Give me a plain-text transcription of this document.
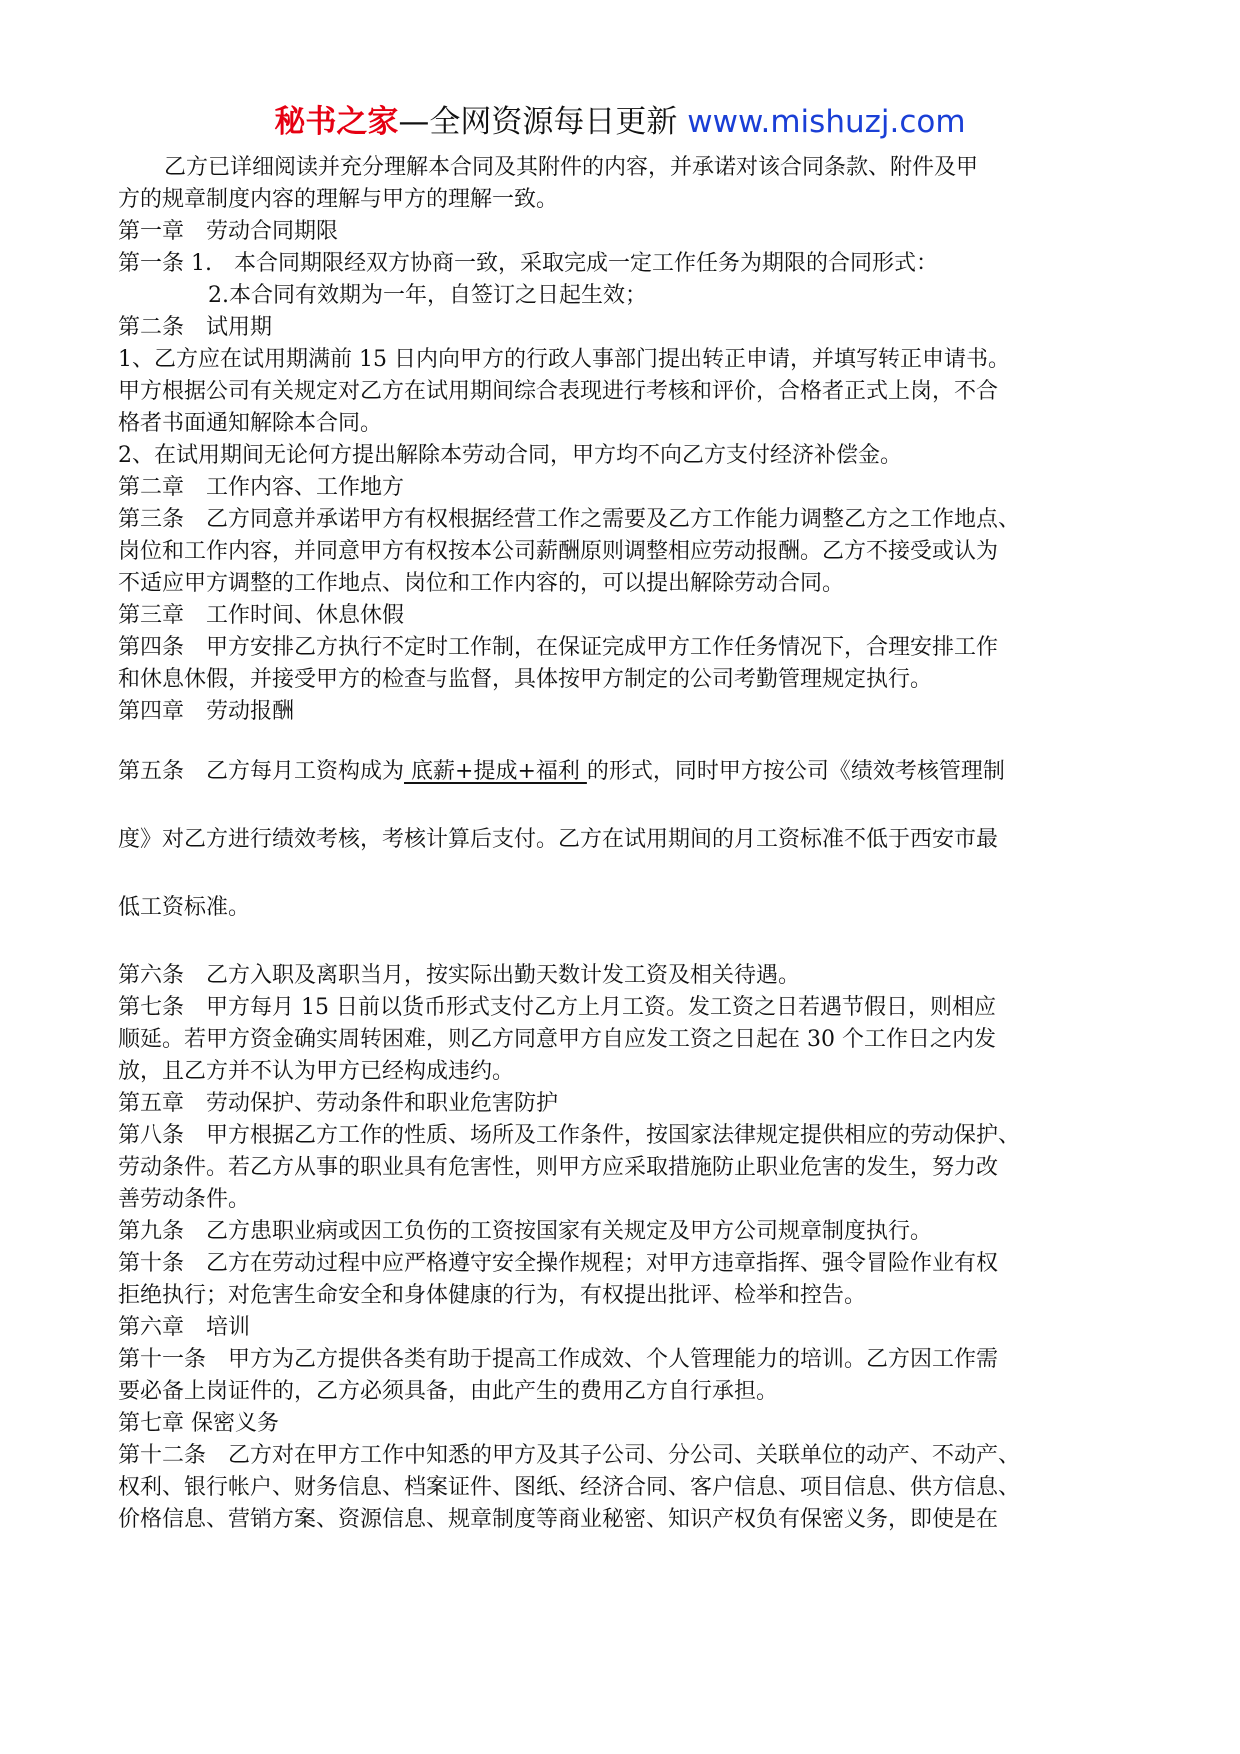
秘书之家—全网资源每日更新 www.mishuzj.com

乙方已详细阅读并充分理解本合同及其附件的内容，并承诺对该合同条款、附件及甲

方的规章制度内容的理解与甲方的理解一致。

第一章　劳动合同期限

第一条 1.　本合同期限经双方协商一致，采取完成一定工作任务为期限的合同形式：

2.本合同有效期为一年，自签订之日起生效；

第二条　试用期

1、乙方应在试用期满前 15 日内向甲方的行政人事部门提出转正申请，并填写转正申请书。

甲方根据公司有关规定对乙方在试用期间综合表现进行考核和评价，合格者正式上岗，不合

格者书面通知解除本合同。

2、在试用期间无论何方提出解除本劳动合同，甲方均不向乙方支付经济补偿金。

第二章　工作内容、工作地方

第三条　乙方同意并承诺甲方有权根据经营工作之需要及乙方工作能力调整乙方之工作地点、

岗位和工作内容，并同意甲方有权按本公司薪酬原则调整相应劳动报酬。乙方不接受或认为

不适应甲方调整的工作地点、岗位和工作内容的，可以提出解除劳动合同。

第三章　工作时间、休息休假

第四条　甲方安排乙方执行不定时工作制，在保证完成甲方工作任务情况下，合理安排工作

和休息休假，并接受甲方的检查与监督，具体按甲方制定的公司考勤管理规定执行。

第四章　劳动报酬

第五条　乙方每月工资构成为 底薪+提成+福利 的形式，同时甲方按公司《绩效考核管理制

度》对乙方进行绩效考核，考核计算后支付。乙方在试用期间的月工资标准不低于西安市最

低工资标准。

第六条　乙方入职及离职当月，按实际出勤天数计发工资及相关待遇。

第七条　甲方每月 15 日前以货币形式支付乙方上月工资。发工资之日若遇节假日，则相应

顺延。若甲方资金确实周转困难，则乙方同意甲方自应发工资之日起在 30 个工作日之内发

放，且乙方并不认为甲方已经构成违约。

第五章　劳动保护、劳动条件和职业危害防护

第八条　甲方根据乙方工作的性质、场所及工作条件，按国家法律规定提供相应的劳动保护、

劳动条件。若乙方从事的职业具有危害性，则甲方应采取措施防止职业危害的发生，努力改

善劳动条件。

第九条　乙方患职业病或因工负伤的工资按国家有关规定及甲方公司规章制度执行。

第十条　乙方在劳动过程中应严格遵守安全操作规程；对甲方违章指挥、强令冒险作业有权

拒绝执行；对危害生命安全和身体健康的行为，有权提出批评、检举和控告。

第六章　培训

第十一条　甲方为乙方提供各类有助于提高工作成效、个人管理能力的培训。乙方因工作需

要必备上岗证件的，乙方必须具备，由此产生的费用乙方自行承担。

第七章 保密义务

第十二条　乙方对在甲方工作中知悉的甲方及其子公司、分公司、关联单位的动产、不动产、

权利、银行帐户、财务信息、档案证件、图纸、经济合同、客户信息、项目信息、供方信息、

价格信息、营销方案、资源信息、规章制度等商业秘密、知识产权负有保密义务，即使是在
